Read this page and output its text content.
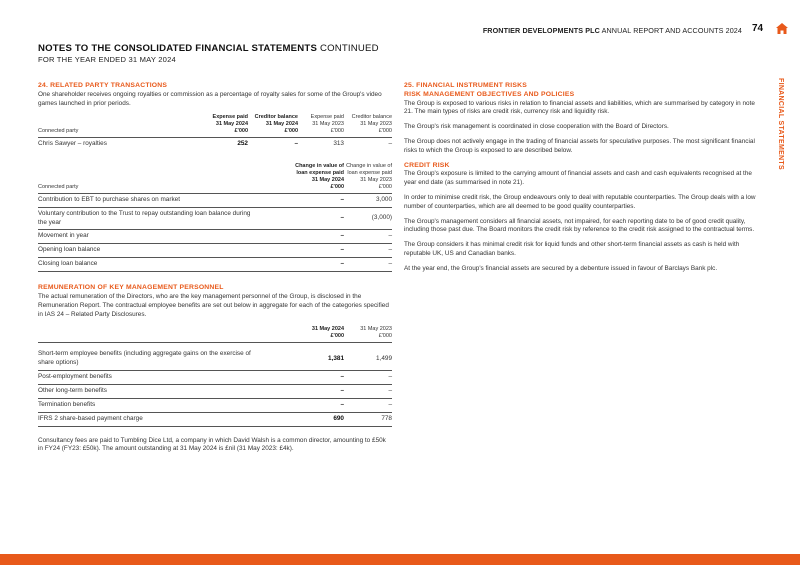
FRONTIER DEVELOPMENTS PLC ANNUAL REPORT AND ACCOUNTS 2024 74
FINANCIAL STATEMENTS
NOTES TO THE CONSOLIDATED FINANCIAL STATEMENTS CONTINUED
FOR THE YEAR ENDED 31 MAY 2024
24. RELATED PARTY TRANSACTIONS

One shareholder receives ongoing royalties or commission as a percentage of royalty sales for some of the Group's video games launched in prior periods.

Connected party	Expense paid
31 May 2024
£'000	Creditor balance
31 May 2024
£'000	Expense paid
31 May 2023
£'000	Creditor balance
31 May 2023
£'000
Chris Sawyer – royalties	252	–	313	–
Connected party	Change in value of
loan expense paid
31 May 2024
£'000	Change in value of
loan expense paid
31 May 2023
£'000
Contribution to EBT to purchase shares on market	–	3,000
Voluntary contribution to the Trust to repay outstanding loan balance during the year	–	(3,000)
Movement in year	–	–
Opening loan balance	–	–
Closing loan balance	–	–
REMUNERATION OF KEY MANAGEMENT PERSONNEL

The actual remuneration of the Directors, who are the key management personnel of the Group, is disclosed in the Remuneration Report. The contractual employee benefits are set out below in aggregate for each of the categories specified in IAS 24 – Related Party Disclosures.

	31 May 2024
£'000	31 May 2023
£'000
Short-term employee benefits (including aggregate gains on the exercise of share options)	1,381	1,499
Post-employment benefits	–	–
Other long-term benefits	–	–
Termination benefits	–	–
IFRS 2 share-based payment charge	690	778

Consultancy fees are paid to Tumbling Dice Ltd, a company in which David Walsh is a common director, amounting to £50k in FY24 (FY23: £50k). The amount outstanding at 31 May 2024 is £nil (31 May 2023: £4k).

25. FINANCIAL INSTRUMENT RISKS
RISK MANAGEMENT OBJECTIVES AND POLICIES

The Group is exposed to various risks in relation to financial assets and liabilities, which are summarised by category in note 21. The main types of risks are credit risk, currency risk and liquidity risk.

The Group's risk management is coordinated in close cooperation with the Board of Directors.

The Group does not actively engage in the trading of financial assets for speculative purposes. The most significant financial risks to which the Group is exposed to are described below.

CREDIT RISK

The Group's exposure is limited to the carrying amount of financial assets and cash and cash equivalents recognised at the year end date (as summarised in note 21).

In order to minimise credit risk, the Group endeavours only to deal with reputable counterparties. The Group deals with a low number of counterparties, which are all deemed to be good quality counterparties.

The Group's management considers all financial assets, not impaired, for each reporting date to be of good credit quality, including those past due. The Board monitors the credit risk by reference to the credit risk assigned to the contractual terms.

The Group considers it has minimal credit risk for liquid funds and other short-term financial assets as cash is held with reputable UK, US and Canadian banks.

At the year end, the Group's financial assets are secured by a debenture issued in favour of Barclays Bank plc.
